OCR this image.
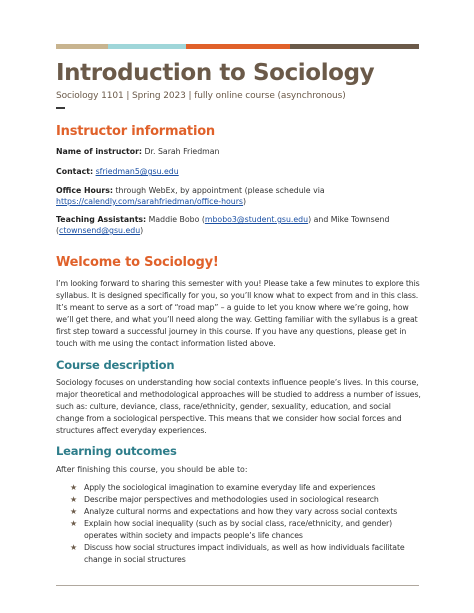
Introduction to Sociology

Sociology 1101 | Spring 2023 | fully online course (asynchronous)

Instructor information

Name of instructor: Dr. Sarah Friedman

Contact: sfriedman5@gsu.edu

Office Hours: through WebEx, by appointment (please schedule via

https://calendly.com/sarahfriedman/office-hours)

Teaching Assistants: Maddie Bobo (mbobo3@student.gsu.edu) and Mike Townsend

(ctownsend@gsu.edu)

Welcome to Sociology!

I’m looking forward to sharing this semester with you! Please take a few minutes to explore this syllabus. It is designed specifically for you, so you’ll know what to expect from and in this class. It’s meant to serve as a sort of “road map” – a guide to let you know where we’re going, how we’ll get there, and what you’ll need along the way. Getting familiar with the syllabus is a great first step toward a successful journey in this course. If you have any questions, please get in touch with me using the contact information listed above.

Course description

Sociology focuses on understanding how social contexts influence people’s lives. In this course, major theoretical and methodological approaches will be studied to address a number of issues, such as: culture, deviance, class, race/ethnicity, gender, sexuality, education, and social change from a sociological perspective. This means that we consider how social forces and structures affect everyday experiences.

Learning outcomes

After finishing this course, you should be able to:

★ Apply the sociological imagination to examine everyday life and experiences
★ Describe major perspectives and methodologies used in sociological research
★ Analyze cultural norms and expectations and how they vary across social contexts
★ Explain how social inequality (such as by social class, race/ethnicity, and gender) operates within society and impacts people’s life chances
★ Discuss how social structures impact individuals, as well as how individuals facilitate change in social structures
